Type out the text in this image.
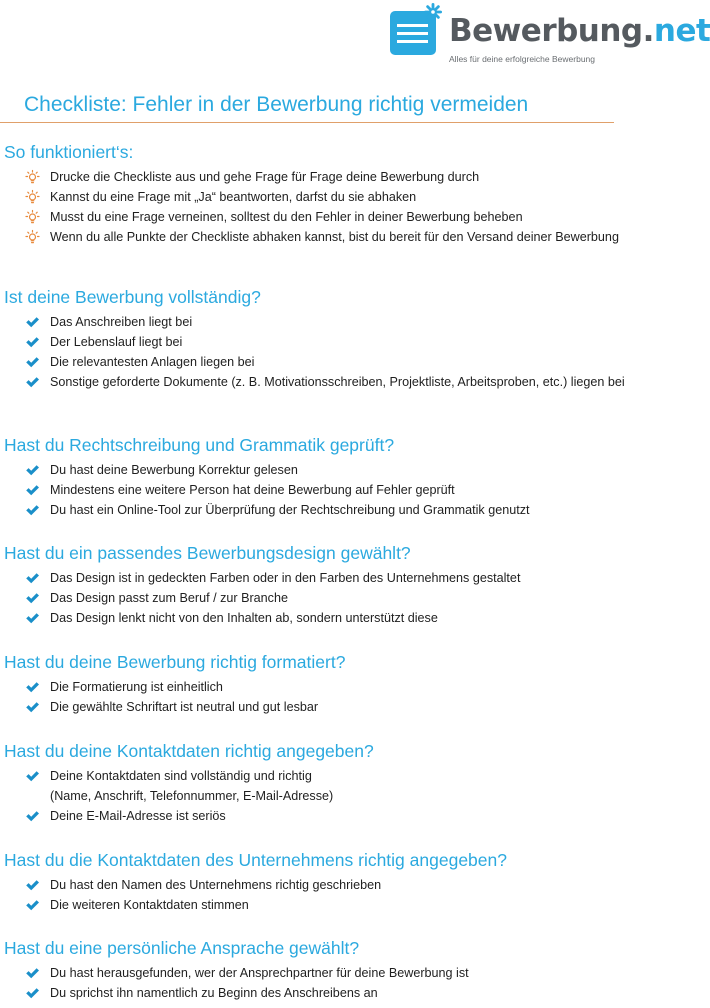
Bewerbung.net
Alles für deine erfolgreiche Bewerbung
Checkliste: Fehler in der Bewerbung richtig vermeiden
So funktioniert‘s:
Drucke die Checkliste aus und gehe Frage für Frage deine Bewerbung durch
Kannst du eine Frage mit „Ja“ beantworten, darfst du sie abhaken
Musst du eine Frage verneinen, solltest du den Fehler in deiner Bewerbung beheben
Wenn du alle Punkte der Checkliste abhaken kannst, bist du bereit für den Versand deiner Bewerbung
Ist deine Bewerbung vollständig?
Das Anschreiben liegt bei
Der Lebenslauf liegt bei
Die relevantesten Anlagen liegen bei
Sonstige geforderte Dokumente (z. B. Motivationsschreiben, Projektliste, Arbeitsproben, etc.) liegen bei
Hast du Rechtschreibung und Grammatik geprüft?
Du hast deine Bewerbung Korrektur gelesen
Mindestens eine weitere Person hat deine Bewerbung auf Fehler geprüft
Du hast ein Online-Tool zur Überprüfung der Rechtschreibung und Grammatik genutzt
Hast du ein passendes Bewerbungsdesign gewählt?
Das Design ist in gedeckten Farben oder in den Farben des Unternehmens gestaltet
Das Design passt zum Beruf / zur Branche
Das Design lenkt nicht von den Inhalten ab, sondern unterstützt diese
Hast du deine Bewerbung richtig formatiert?
Die Formatierung ist einheitlich
Die gewählte Schriftart ist neutral und gut lesbar
Hast du deine Kontaktdaten richtig angegeben?
Deine Kontaktdaten sind vollständig und richtig
(Name, Anschrift, Telefonnummer, E-Mail-Adresse)
Deine E-Mail-Adresse ist seriös
Hast du die Kontaktdaten des Unternehmens richtig angegeben?
Du hast den Namen des Unternehmens richtig geschrieben
Die weiteren Kontaktdaten stimmen
Hast du eine persönliche Ansprache gewählt?
Du hast herausgefunden, wer der Ansprechpartner für deine Bewerbung ist
Du sprichst ihn namentlich zu Beginn des Anschreibens an
